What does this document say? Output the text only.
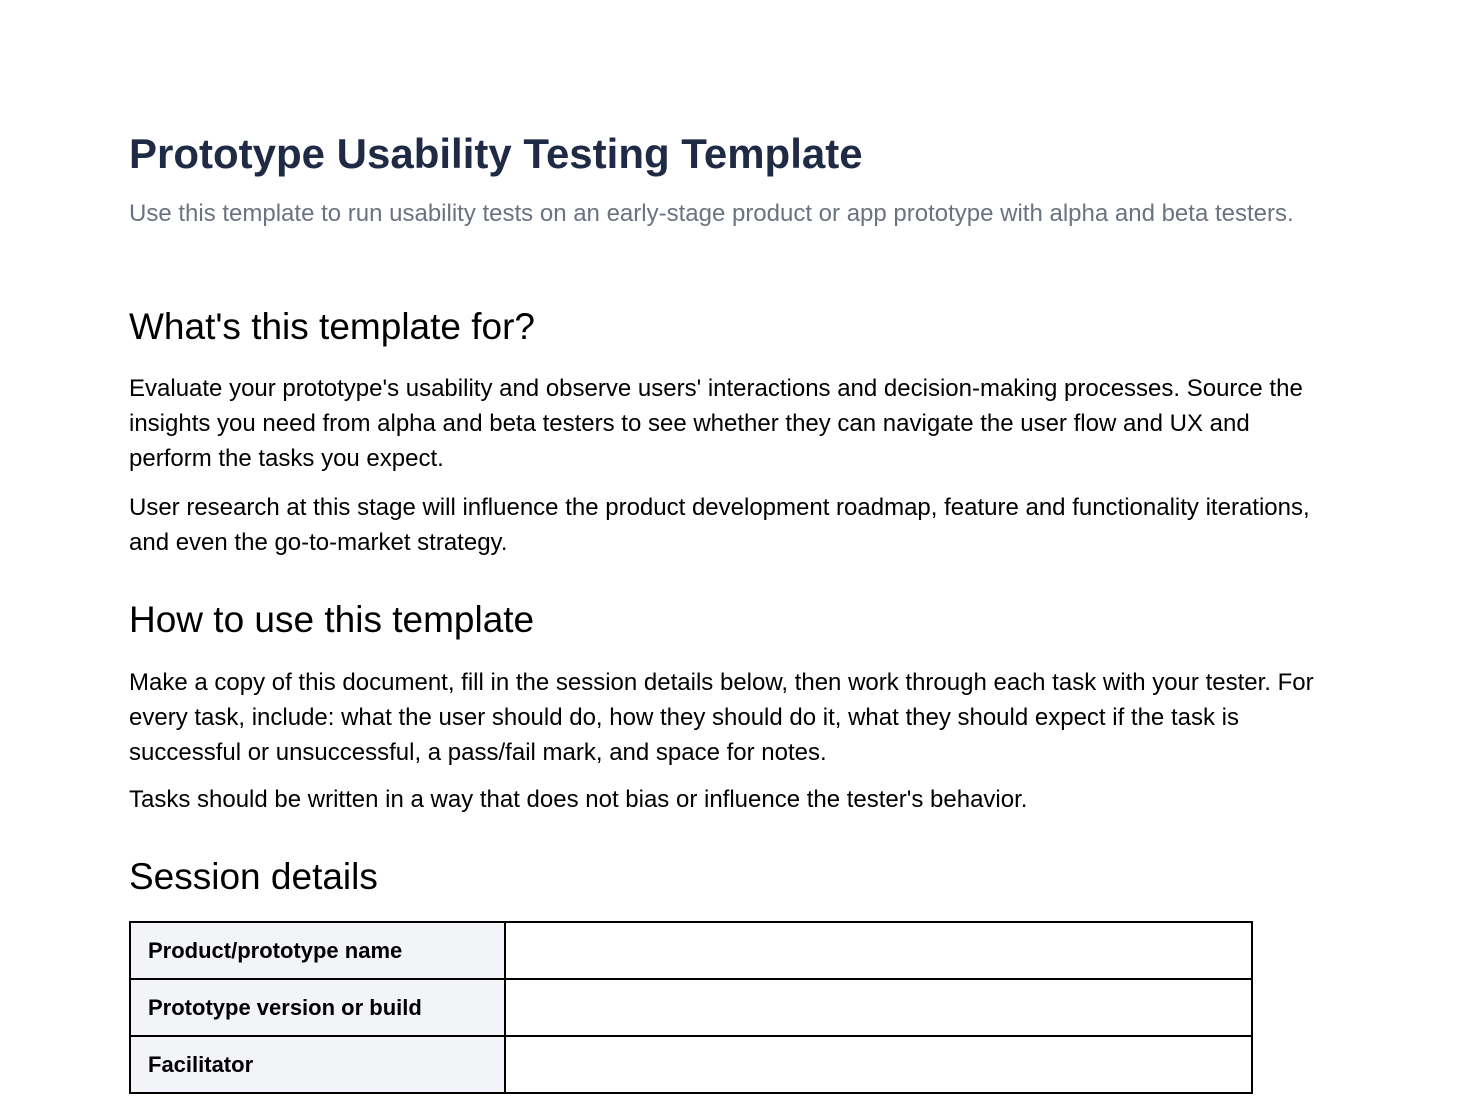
Prototype Usability Testing Template

Use this template to run usability tests on an early-stage product or app prototype with alpha and beta testers.

What's this template for?

Evaluate your prototype's usability and observe users' interactions and decision-making processes. Source the insights you need from alpha and beta testers to see whether they can navigate the user flow and UX and perform the tasks you expect.

User research at this stage will influence the product development roadmap, feature and functionality iterations, and even the go-to-market strategy.

How to use this template

Make a copy of this document, fill in the session details below, then work through each task with your tester. For every task, include: what the user should do, how they should do it, what they should expect if the task is successful or unsuccessful, a pass/fail mark, and space for notes.

Tasks should be written in a way that does not bias or influence the tester's behavior.

Session details
Product/prototype name	
Prototype version or build	
Facilitator	
